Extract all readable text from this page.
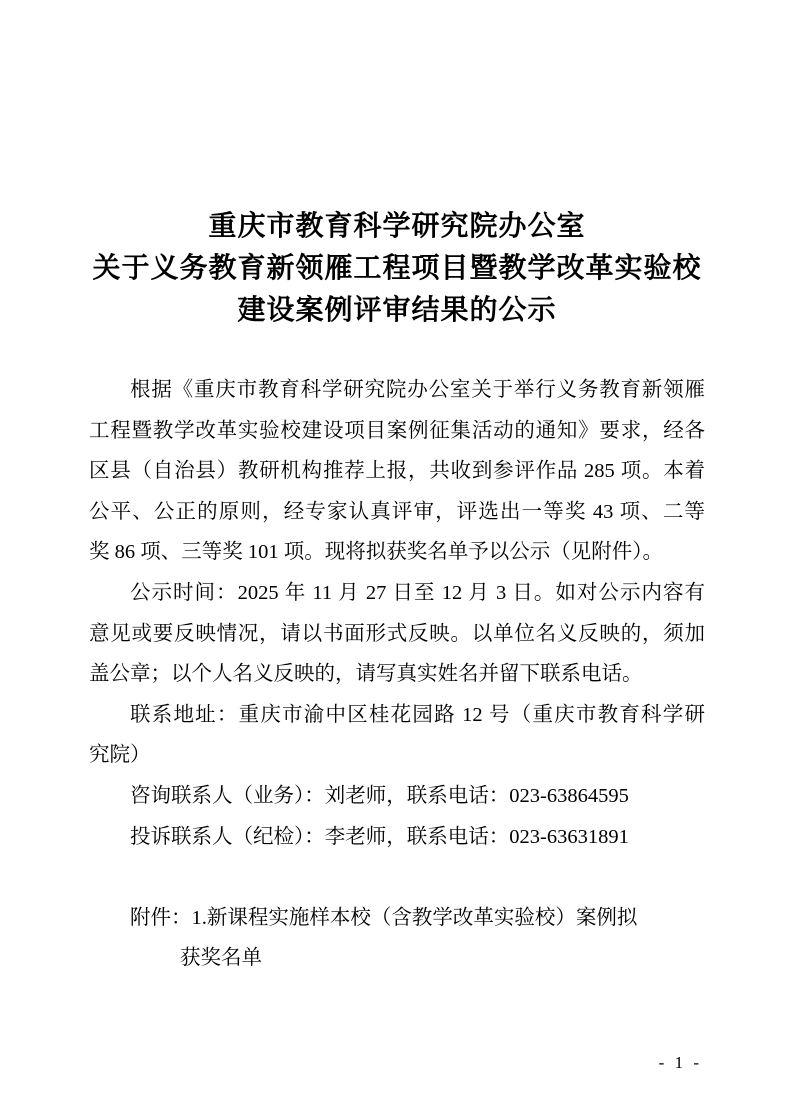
重庆市教育科学研究院办公室
关于义务教育新领雁工程项目暨教学改革实验校
建设案例评审结果的公示
根据《重庆市教育科学研究院办公室关于举行义务教育新领雁
工程暨教学改革实验校建设项目案例征集活动的通知》要求，经各
区县（自治县）教研机构推荐上报，共收到参评作品 285 项。本着
公平、公正的原则，经专家认真评审，评选出一等奖 43 项、二等
奖 86 项、三等奖 101 项。现将拟获奖名单予以公示（见附件）。
公示时间：2025 年 11 月 27 日至 12 月 3 日。如对公示内容有
意见或要反映情况，请以书面形式反映。以单位名义反映的，须加
盖公章；以个人名义反映的，请写真实姓名并留下联系电话。
联系地址：重庆市渝中区桂花园路 12 号（重庆市教育科学研
究院）
咨询联系人（业务）：刘老师，联系电话：023-63864595
投诉联系人（纪检）：李老师，联系电话：023-63631891
附件：1.新课程实施样本校（含教学改革实验校）案例拟
获奖名单
- 1 -
